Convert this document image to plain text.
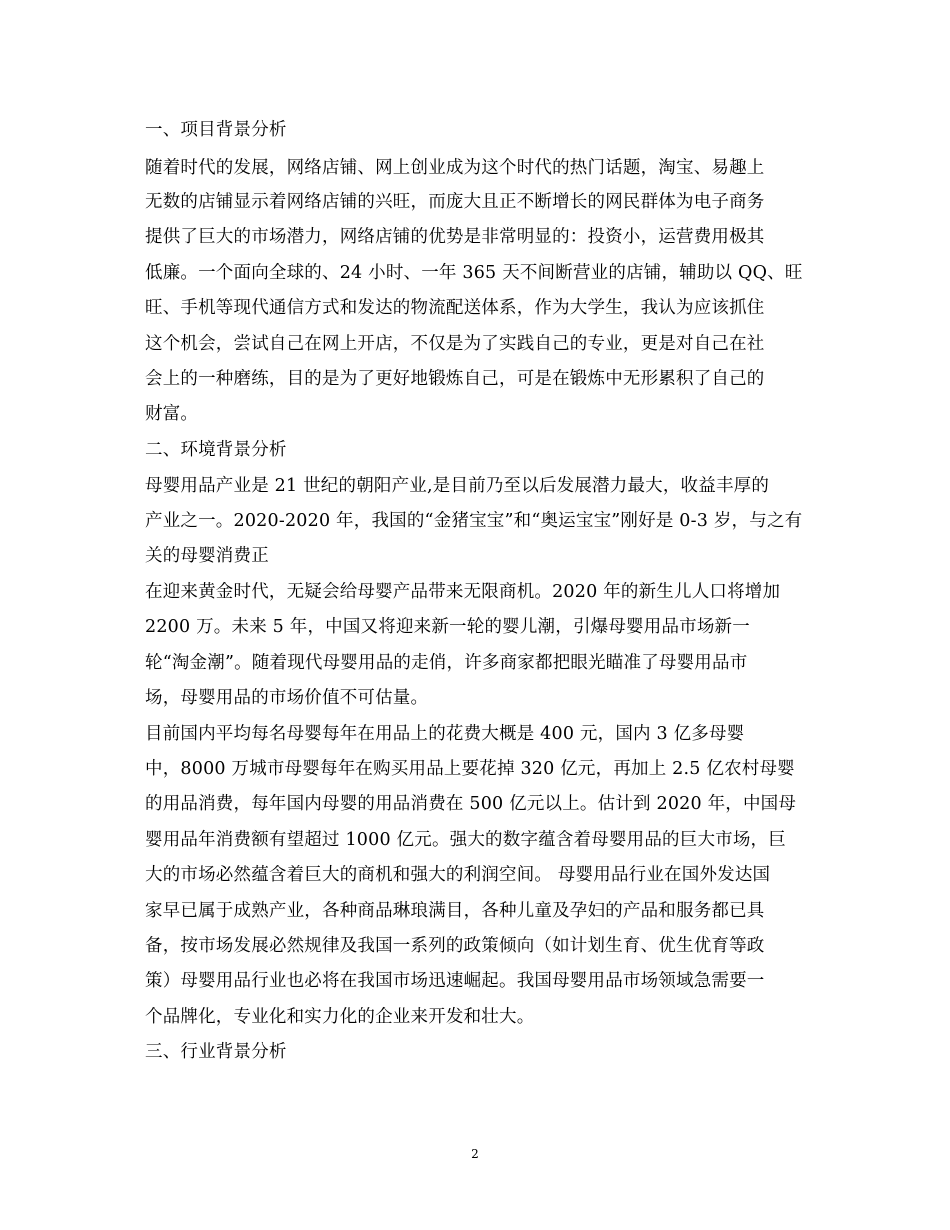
一、项目背景分析
随着时代的发展，网络店铺、网上创业成为这个时代的热门话题，淘宝、易趣上
无数的店铺显示着网络店铺的兴旺，而庞大且正不断增长的网民群体为电子商务
提供了巨大的市场潜力，网络店铺的优势是非常明显的：投资小，运营费用极其
低廉。一个面向全球的、24 小时、一年 365 天不间断营业的店铺，辅助以 QQ、旺
旺、手机等现代通信方式和发达的物流配送体系，作为大学生，我认为应该抓住
这个机会，尝试自己在网上开店，不仅是为了实践自己的专业，更是对自己在社
会上的一种磨练，目的是为了更好地锻炼自己，可是在锻炼中无形累积了自己的
财富。
二、环境背景分析
母婴用品产业是 21 世纪的朝阳产业,是目前乃至以后发展潜力最大，收益丰厚的
产业之一。2020-2020 年，我国的“金猪宝宝”和“奥运宝宝”刚好是 0-3 岁，与之有
关的母婴消费正
在迎来黄金时代，无疑会给母婴产品带来无限商机。2020 年的新生儿人口将增加
2200 万。未来 5 年，中国又将迎来新一轮的婴儿潮，引爆母婴用品市场新一
轮“淘金潮”。随着现代母婴用品的走俏，许多商家都把眼光瞄准了母婴用品市
场，母婴用品的市场价值不可估量。
目前国内平均每名母婴每年在用品上的花费大概是 400 元，国内 3 亿多母婴
中，8000 万城市母婴每年在购买用品上要花掉 320 亿元，再加上 2.5 亿农村母婴
的用品消费，每年国内母婴的用品消费在 500 亿元以上。估计到 2020 年，中国母
婴用品年消费额有望超过 1000 亿元。强大的数字蕴含着母婴用品的巨大市场，巨
大的市场必然蕴含着巨大的商机和强大的利润空间。 母婴用品行业在国外发达国
家早已属于成熟产业，各种商品琳琅满目，各种儿童及孕妇的产品和服务都已具
备，按市场发展必然规律及我国一系列的政策倾向（如计划生育、优生优育等政
策）母婴用品行业也必将在我国市场迅速崛起。我国母婴用品市场领域急需要一
个品牌化，专业化和实力化的企业来开发和壮大。
三、行业背景分析
2
